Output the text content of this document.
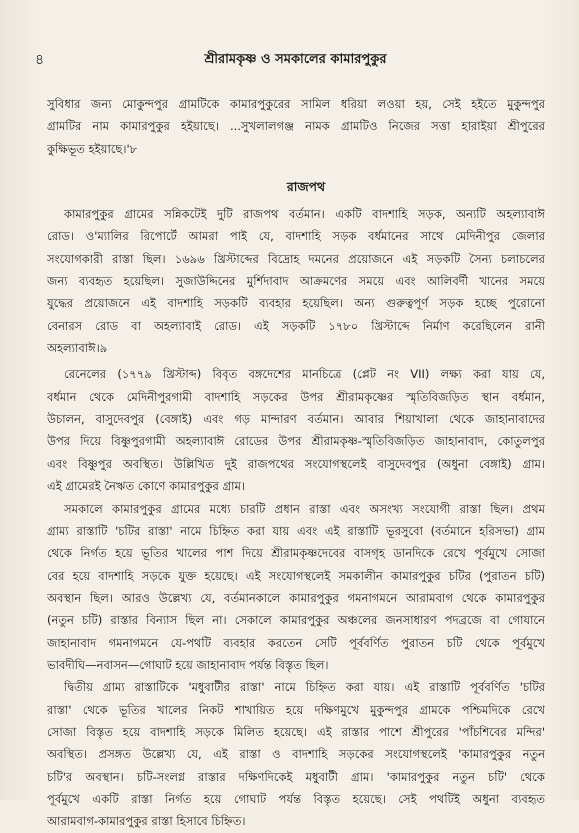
৪	শ্রীরামকৃষ্ণ ও সমকালের কামারপুকুর
সুবিধার জন্য মোকুন্দপুর গ্রামটিকে কামারপুকুরের সামিল ধরিয়া লওয়া হয়, সেই হইতে মুকুন্দপুর
গ্রামটির নাম কামারপুকুর হইয়াছে। ...সুখলালগঞ্জ নামক গ্রামটিও নিজের সত্তা হারাইয়া শ্রীপুরের
কুক্ষিভূত হইয়াছে।'৮
রাজপথ
কামারপুকুর গ্রামের সন্নিকটেই দুটি রাজপথ বর্তমান। একটি বাদশাহি সড়ক, অন্যটি অহল্যাবাঈ
রোড। ও'ম্যালির রিপোর্টে আমরা পাই যে, বাদশাহি সড়ক বর্ধমানের সাথে মেদিনীপুর জেলার
সংযোগকারী রাস্তা ছিল। ১৬৯৬ খ্রিস্টাব্দের বিদ্রোহ দমনের প্রয়োজনে এই সড়কটি সৈন্য চলাচলের
জন্য ব্যবহৃত হয়েছিল। সুজাউদ্দিনের মুর্শিদাবাদ আক্রমণের সময়ে এবং আলিবর্দী খানের সময়ে
যুদ্ধের প্রয়োজনে এই বাদশাহি সড়কটি ব্যবহার হয়েছিল। অন্য গুরুত্বপূর্ণ সড়ক হচ্ছে পুরোনো
বেনারস রোড বা অহল্যাবাই রোড। এই সড়কটি ১৭৮০ খ্রিস্টাব্দে নির্মাণ করেছিলেন রানী
অহল্যাবাঈ।৯
রেনেলের (১৭৭৯ খ্রিস্টাব্দ) বিবৃত বঙ্গদেশের মানচিত্রে (প্লেট নং VII) লক্ষ্য করা যায় যে,
বর্ধমান থেকে মেদিনীপুরগামী বাদশাহি সড়কের উপর শ্রীরামকৃষ্ণের স্মৃতিবিজড়িত স্থান বর্ধমান,
উচালন, বাসুদেবপুর (বেঙ্গাই) এবং গড় মান্দারণ বর্তমান। আবার শিয়াখালা থেকে জাহানাবাদের
উপর দিয়ে বিষ্ণুপুরগামী অহল্যাবাঈ রোডের উপর শ্রীরামকৃষ্ণ-স্মৃতিবিজড়িত জাহানাবাদ, কোতুলপুর
এবং বিষ্ণুপুর অবস্থিত। উল্লিখিত দুই রাজপথের সংযোগস্থলেই বাসুদেবপুর (অধুনা বেঙ্গাই) গ্রাম।
এই গ্রামেরই নৈঋত কোণে কামারপুকুর গ্রাম।
সমকালে কামারপুকুর গ্রামের মধ্যে চারটি প্রধান রাস্তা এবং অসংখ্য সংযোগী রাস্তা ছিল। প্রথম
গ্রাম্য রাস্তাটি 'চটির রাস্তা' নামে চিহ্নিত করা যায় এবং এই রাস্তাটি ভূরসুবো (বর্তমানে হরিসভা) গ্রাম
থেকে নির্গত হয়ে ভূতির খালের পাশ দিয়ে শ্রীরামকৃষ্ণদেবের বাসগৃহ ডানদিকে রেখে পূর্বমুখে সোজা
বের হয়ে বাদশাহি সড়কে যুক্ত হয়েছে। এই সংযোগস্থলেই সমকালীন কামারপুকুর চটির (পুরাতন চটি)
অবস্থান ছিল। আরও উল্লেখ্য যে, বর্তমানকালে কামারপুকুর গমনাগমনে আরামবাগ থেকে কামারপুকুর
(নতুন চটি) রাস্তার বিন্যাস ছিল না। সেকালে কামারপুকুর অঞ্চলের জনসাধারণ পদব্রজে বা গোযানে
জাহানাবাদ গমনাগমনে যে-পথটি ব্যবহার করতেন সেটি পূর্ববর্ণিত পুরাতন চটি থেকে পূর্বমুখে
ভাবদীঘি—নবাসন—গোঘাট হয়ে জাহানাবাদ পর্যন্ত বিস্তৃত ছিল।
দ্বিতীয় গ্রাম্য রাস্তাটিকে 'মধুবাটীর রাস্তা' নামে চিহ্নিত করা যায়। এই রাস্তাটি পূর্ববর্ণিত 'চটির
রাস্তা' থেকে ভূতির খালের নিকট শাখায়িত হয়ে দক্ষিণমুখে মুকুন্দপুর গ্রামকে পশ্চিমদিকে রেখে
সোজা বিস্তৃত হয়ে বাদশাহি সড়কে মিলিত হয়েছে। এই রাস্তার পাশে শ্রীপুরের 'পাঁচশিবের মন্দির'
অবস্থিত। প্রসঙ্গত উল্লেখ্য যে, এই রাস্তা ও বাদশাহি সড়কের সংযোগস্থলেই 'কামারপুকুর নতুন
চটি'র অবস্থান। চটি-সংলগ্ন রাস্তার দক্ষিণদিকেই মধুবাটী গ্রাম। 'কামারপুকুর নতুন চটি' থেকে
পূর্বমুখে একটি রাস্তা নির্গত হয়ে গোঘাট পর্যন্ত বিস্তৃত হয়েছে। সেই পথটিই অধুনা ব্যবহৃত
আরামবাগ-কামারপুকুর রাস্তা হিসাবে চিহ্নিত।
